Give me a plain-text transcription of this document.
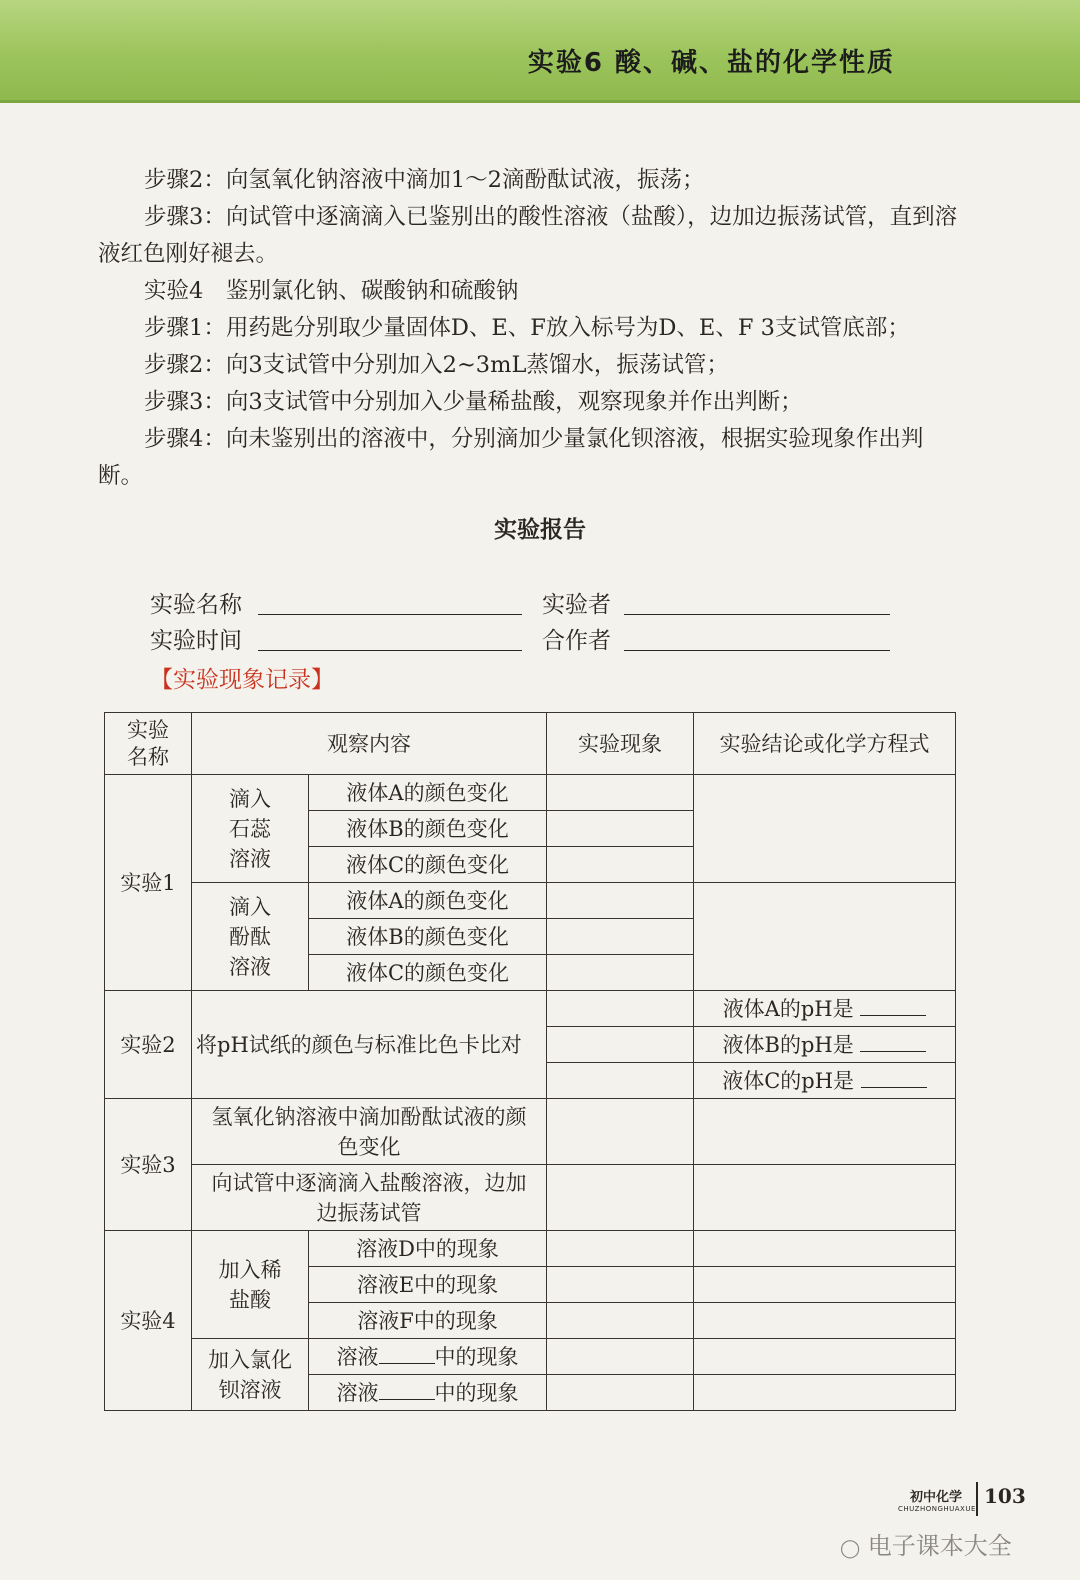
实验6 酸、碱、盐的化学性质

步骤2：向氢氧化钠溶液中滴加1～2滴酚酞试液，振荡；

步骤3：向试管中逐滴滴入已鉴别出的酸性溶液（盐酸），边加边振荡试管，直到溶液红色刚好褪去。

实验4　鉴别氯化钠、碳酸钠和硫酸钠

步骤1：用药匙分别取少量固体D、E、F放入标号为D、E、F 3支试管底部；

步骤2：向3支试管中分别加入2~3mL蒸馏水，振荡试管；

步骤3：向3支试管中分别加入少量稀盐酸，观察现象并作出判断；

步骤4：向未鉴别出的溶液中，分别滴加少量氯化钡溶液，根据实验现象作出判断。

实验报告
实验名称	实验者
实验时间	合作者
【实验现象记录】
实验名称	观察内容		实验现象	实验结论或化学方程式
实验1	滴入石蕊溶液	液体A的颜色变化		
		液体B的颜色变化		
		液体C的颜色变化		

	滴入酚酞溶液	液体A的颜色变化		
		液体B的颜色变化		
		液体C的颜色变化		
实验2	将pH试纸的颜色与标准比色卡比对			液体A的pH是
				液体B的pH是
				液体C的pH是
实验3	氢氧化钠溶液中滴加酚酞试液的颜色变化			

	向试管中逐滴滴入盐酸溶液，边加边振荡试管			

实验4	加入稀盐酸	溶液D中的现象		
		溶液E中的现象		
		溶液F中的现象		

	加入氯化钡溶液	溶液 中的现象		
		溶液 中的现象		
初中化学
CHUZHONGHUAXUE
103
◯ 电子课本大全
